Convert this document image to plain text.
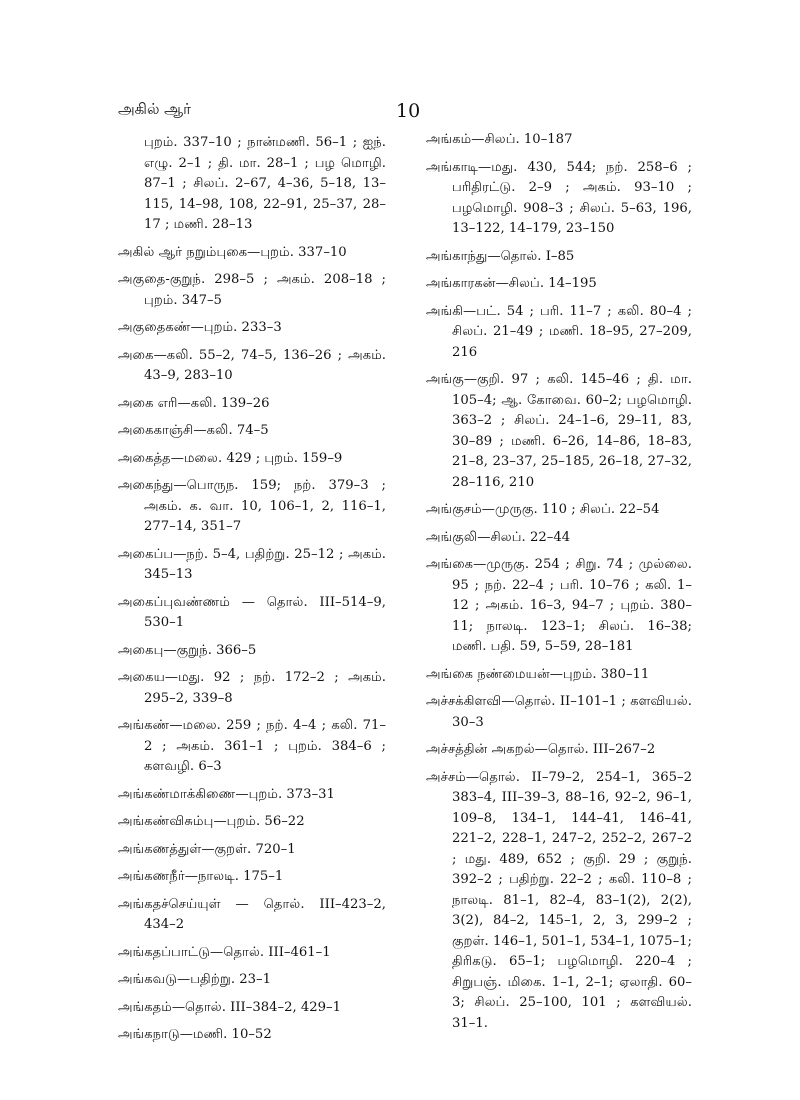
அகில் ஆர்	10

புறம். 337–10 ; நான்மணி. 56–1 ; ஐந். எழு. 2–1 ; தி. மா. 28–1 ; பழ மொழி. 87–1 ; சிலப். 2–67, 4–36, 5–18, 13–115, 14–98, 108, 22–91, 25–37, 28–17 ; மணி. 28–13

அகில் ஆர் நறும்புகை—புறம். 337–10

அகுதை-குறுந். 298–5 ; அகம். 208–18 ; புறம். 347–5

அகுதைகண்—புறம். 233–3

அகை—கலி. 55–2, 74–5, 136–26 ; அகம். 43–9, 283–10

அகை எரி—கலி. 139–26

அகைகாஞ்சி—கலி. 74–5

அகைத்த—மலை. 429 ; புறம். 159–9

அகைந்து—பொருந. 159; நற். 379–3 ; அகம். க. வா. 10, 106–1, 2, 116–1, 277–14, 351–7

அகைப்ப—நற். 5–4, பதிற்று. 25–12 ; அகம். 345–13

அகைப்புவண்ணம் — தொல். III–514–9, 530–1

அகைபு—குறுந். 366–5

அகைய—மது. 92 ; நற். 172–2 ; அகம். 295–2, 339–8

அங்கண்—மலை. 259 ; நற். 4–4 ; கலி. 71–2 ; அகம். 361–1 ; புறம். 384–6 ; களவழி. 6–3

அங்கண்மாக்கிணை—புறம். 373–31

அங்கண்விசும்பு—புறம். 56–22

அங்கணத்துள்—குறள். 720–1

அங்கணநீர்—நாலடி. 175–1

அங்கதச்செய்யுள் — தொல். III–423–2, 434–2

அங்கதப்பாட்டு—தொல். III–461–1

அங்கவடு—பதிற்று. 23–1

அங்கதம்—தொல். III–384–2, 429–1

அங்கநாடு—மணி. 10–52

அங்கம்—சிலப். 10–187

அங்காடி—மது. 430, 544; நற். 258–6 ; பரிதிரட்டு. 2–9 ; அகம். 93–10 ; பழமொழி. 908–3 ; சிலப். 5–63, 196, 13–122, 14–179, 23–150

அங்காந்து—தொல். I–85

அங்காரகன்—சிலப். 14–195

அங்கி—பட். 54 ; பரி. 11–7 ; கலி. 80–4 ; சிலப். 21–49 ; மணி. 18–95, 27–209, 216

அங்கு—குறி. 97 ; கலி. 145–46 ; தி. மா. 105–4; ஆ. கோவை. 60–2; பழமொழி. 363–2 ; சிலப். 24–1–6, 29–11, 83, 30–89 ; மணி. 6–26, 14–86, 18–83, 21–8, 23–37, 25–185, 26–18, 27–32, 28–116, 210

அங்குசம்—முருகு. 110 ; சிலப். 22–54

அங்குலி—சிலப். 22–44

அங்கை—முருகு. 254 ; சிறு. 74 ; முல்லை. 95 ; நற். 22–4 ; பரி. 10–76 ; கலி. 1–12 ; அகம். 16–3, 94–7 ; புறம். 380–11; நாலடி. 123–1; சிலப். 16–38; மணி. பதி. 59, 5–59, 28–181

அங்கை நண்மையன்—புறம். 380–11

அச்சக்கிளவி—தொல். II–101–1 ; களவியல். 30–3

அச்சத்தின் அகறல்—தொல். III–267–2

அச்சம்—தொல். II–79–2, 254–1, 365–2 383–4, III–39–3, 88–16, 92–2, 96–1, 109–8, 134–1, 144–41, 146–41, 221–2, 228–1, 247–2, 252–2, 267–2 ; மது. 489, 652 ; குறி. 29 ; குறுந். 392–2 ; பதிற்று. 22–2 ; கலி. 110–8 ; நாலடி. 81–1, 82–4, 83–1(2), 2(2), 3(2), 84–2, 145–1, 2, 3, 299–2 ; குறள். 146–1, 501–1, 534–1, 1075–1; திரிகடு. 65–1; பழமொழி. 220–4 ; சிறுபஞ். மிகை. 1–1, 2–1; ஏலாதி. 60–3; சிலப். 25–100, 101 ; களவியல். 31–1.
